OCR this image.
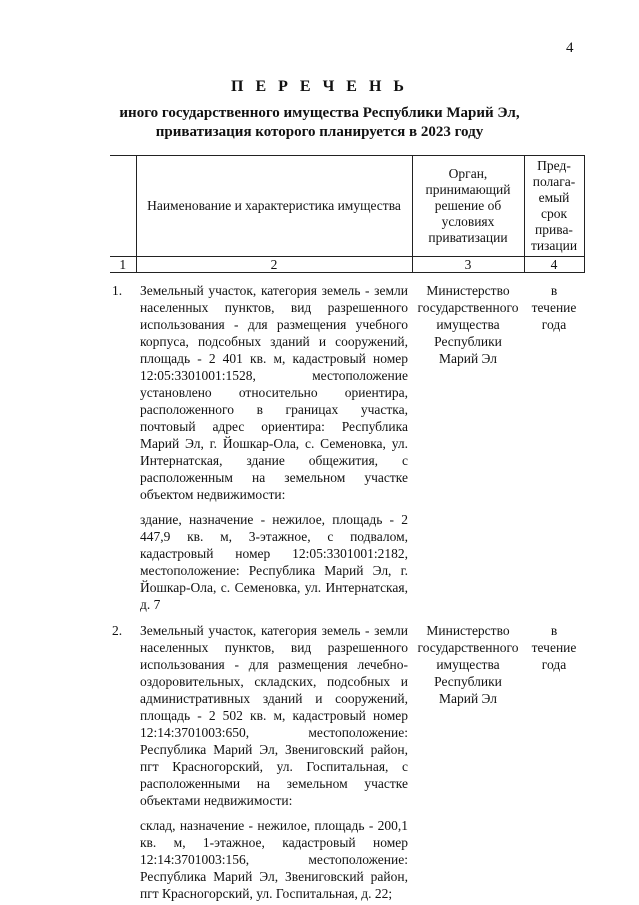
4
П Е Р Е Ч Е Н Ь
иного государственного имущества Республики Марий Эл,
приватизация которого планируется в 2023 году
	Наименование и характеристика имущества	Орган, принимающий решение об условиях приватизации	Пред-полага-емый срок прива-тизации
1	2	3	4
1.	Земельный участок, категория земель - земли населенных пунктов, вид разрешенного использования - для размещения учебного корпуса, подсобных зданий и сооружений, площадь - 2 401 кв. м, кадастровый номер 12:05:3301001:1528, местоположение установлено относительно ориентира, расположенного в границах участка, почтовый адрес ориентира: Республика Марий Эл, г. Йошкар-Ола, с. Семеновка, ул. Интернатская, здание общежития, с расположенным на земельном участке объектом недвижимости:

здание, назначение - нежилое, площадь - 2 447,9 кв. м, 3-этажное, с подвалом, кадастровый номер 12:05:3301001:2182, местоположение: Республика Марий Эл, г. Йошкар-Ола, с. Семеновка, ул. Интернатская, д. 7	Министерство государственного имущества Республики Марий Эл	в течение года
2.	Земельный участок, категория земель - земли населенных пунктов, вид разрешенного использования - для размещения лечебно-оздоровительных, складских, подсобных и административных зданий и сооружений, площадь - 2 502 кв. м, кадастровый номер 12:14:3701003:650, местоположение: Республика Марий Эл, Звениговский район, пгт Красногорский, ул. Госпитальная, с расположенными на земельном участке объектами недвижимости:

склад, назначение - нежилое, площадь - 200,1 кв. м, 1-этажное, кадастровый номер 12:14:3701003:156, местоположение: Республика Марий Эл, Звениговский район, пгт Красногорский, ул. Госпитальная, д. 22;	Министерство государственного имущества Республики Марий Эл	в течение года
